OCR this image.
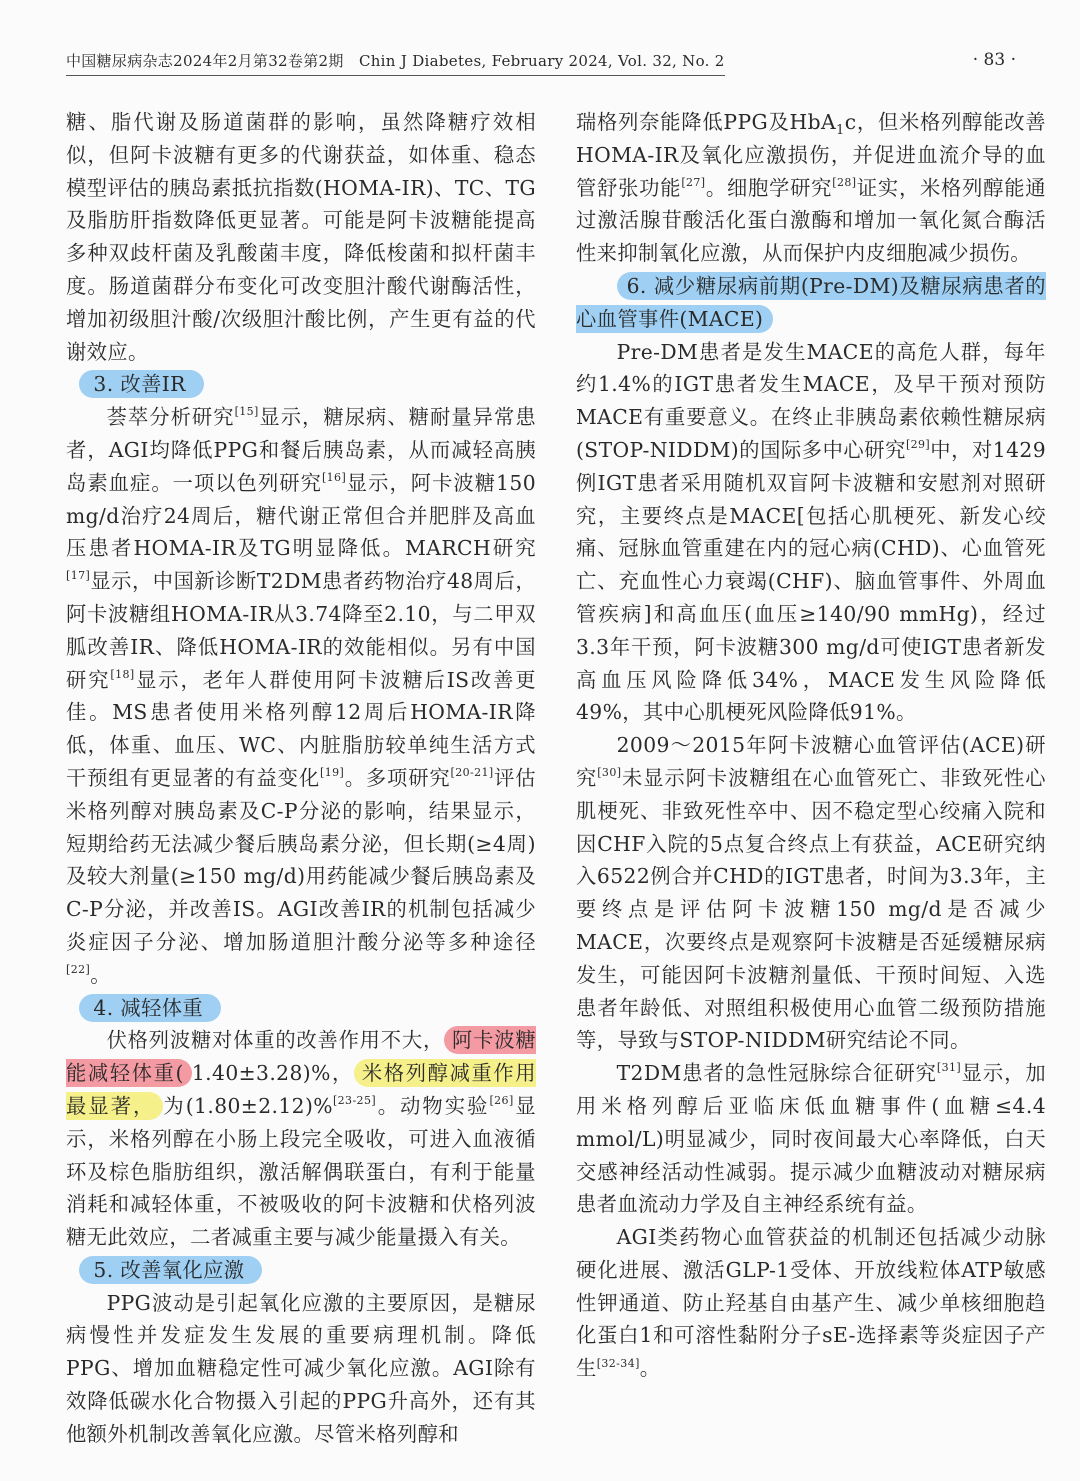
中国糖尿病杂志2024年2月第32卷第2期　Chin J Diabetes, February 2024, Vol. 32, No. 2	· 83 ·

糖、脂代谢及肠道菌群的影响，虽然降糖疗效相似，但阿卡波糖有更多的代谢获益，如体重、稳态模型评估的胰岛素抵抗指数(HOMA-IR)、TC、TG及脂肪肝指数降低更显著。可能是阿卡波糖能提高多种双歧杆菌及乳酸菌丰度，降低梭菌和拟杆菌丰度。肠道菌群分布变化可改变胆汁酸代谢酶活性，增加初级胆汁酸/次级胆汁酸比例，产生更有益的代谢效应。

3. 改善IR

荟萃分析研究[15]显示，糖尿病、糖耐量异常患者，AGI均降低PPG和餐后胰岛素，从而减轻高胰岛素血症。一项以色列研究[16]显示，阿卡波糖150 mg/d治疗24周后，糖代谢正常但合并肥胖及高血压患者HOMA-IR及TG明显降低。MARCH研究[17]显示，中国新诊断T2DM患者药物治疗48周后，阿卡波糖组HOMA-IR从3.74降至2.10，与二甲双胍改善IR、降低HOMA-IR的效能相似。另有中国研究[18]显示，老年人群使用阿卡波糖后IS改善更佳。MS患者使用米格列醇12周后HOMA-IR降低，体重、血压、WC、内脏脂肪较单纯生活方式干预组有更显著的有益变化[19]。多项研究[20-21]评估米格列醇对胰岛素及C-P分泌的影响，结果显示，短期给药无法减少餐后胰岛素分泌，但长期(≥4周)及较大剂量(≥150 mg/d)用药能减少餐后胰岛素及C-P分泌，并改善IS。AGI改善IR的机制包括减少炎症因子分泌、增加肠道胆汁酸分泌等多种途径[22]。

4. 减轻体重

伏格列波糖对体重的改善作用不大， 阿卡波糖能减轻体重( 1.40±3.28)%， 米格列醇减重作用最显著， 为(1.80±2.12)%[23-25]。动物实验[26]显示，米格列醇在小肠上段完全吸收，可进入血液循环及棕色脂肪组织，激活解偶联蛋白，有利于能量消耗和减轻体重，不被吸收的阿卡波糖和伏格列波糖无此效应，二者减重主要与减少能量摄入有关。

5. 改善氧化应激

PPG波动是引起氧化应激的主要原因，是糖尿病慢性并发症发生发展的重要病理机制。降低PPG、增加血糖稳定性可减少氧化应激。AGI除有效降低碳水化合物摄入引起的PPG升高外，还有其他额外机制改善氧化应激。尽管米格列醇和

瑞格列奈能降低PPG及HbA$_1$c，但米格列醇能改善HOMA-IR及氧化应激损伤，并促进血流介导的血管舒张功能[27]。细胞学研究[28]证实，米格列醇能通过激活腺苷酸活化蛋白激酶和增加一氧化氮合酶活性来抑制氧化应激，从而保护内皮细胞减少损伤。

6. 减少糖尿病前期(Pre-DM)及糖尿病患者的心血管事件(MACE)

Pre-DM患者是发生MACE的高危人群，每年约1.4%的IGT患者发生MACE，及早干预对预防MACE有重要意义。在终止非胰岛素依赖性糖尿病(STOP-NIDDM)的国际多中心研究[29]中，对1429例IGT患者采用随机双盲阿卡波糖和安慰剂对照研究，主要终点是MACE[包括心肌梗死、新发心绞痛、冠脉血管重建在内的冠心病(CHD)、心血管死亡、充血性心力衰竭(CHF)、脑血管事件、外周血管疾病]和高血压(血压≥140/90 mmHg)，经过3.3年干预，阿卡波糖300 mg/d可使IGT患者新发高血压风险降低34%，MACE发生风险降低49%，其中心肌梗死风险降低91%。

2009～2015年阿卡波糖心血管评估(ACE)研究[30]未显示阿卡波糖组在心血管死亡、非致死性心肌梗死、非致死性卒中、因不稳定型心绞痛入院和因CHF入院的5点复合终点上有获益，ACE研究纳入6522例合并CHD的IGT患者，时间为3.3年，主要终点是评估阿卡波糖150 mg/d是否减少MACE，次要终点是观察阿卡波糖是否延缓糖尿病发生，可能因阿卡波糖剂量低、干预时间短、入选患者年龄低、对照组积极使用心血管二级预防措施等，导致与STOP-NIDDM研究结论不同。

T2DM患者的急性冠脉综合征研究[31]显示，加用米格列醇后亚临床低血糖事件(血糖≤4.4 mmol/L)明显减少，同时夜间最大心率降低，白天交感神经活动性减弱。提示减少血糖波动对糖尿病患者血流动力学及自主神经系统有益。

AGI类药物心血管获益的机制还包括减少动脉硬化进展、激活GLP-1受体、开放线粒体ATP敏感性钾通道、防止羟基自由基产生、减少单核细胞趋化蛋白1和可溶性黏附分子sE-选择素等炎症因子产生[32-34]。
